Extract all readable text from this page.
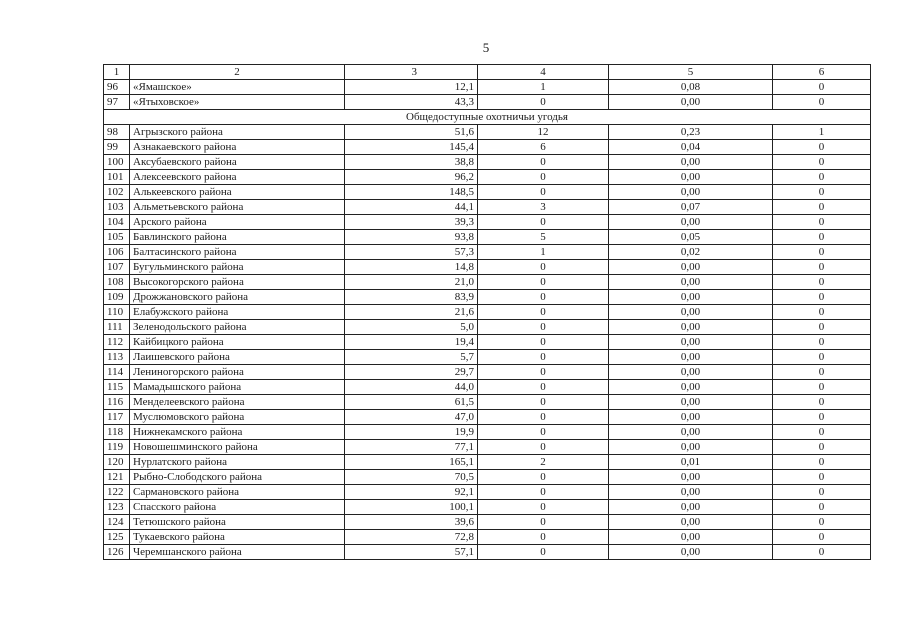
5
1	2	3	4	5	6
96	«Ямашское»	12,1	1	0,08	0
97	«Ятыховское»	43,3	0	0,00	0
Общедоступные охотничьи угодья					
98	Агрызского района	51,6	12	0,23	1
99	Азнакаевского района	145,4	6	0,04	0
100	Аксубаевского района	38,8	0	0,00	0
101	Алексеевского района	96,2	0	0,00	0
102	Алькеевского района	148,5	0	0,00	0
103	Альметьевского района	44,1	3	0,07	0
104	Арского района	39,3	0	0,00	0
105	Бавлинского района	93,8	5	0,05	0
106	Балтасинского района	57,3	1	0,02	0
107	Бугульминского района	14,8	0	0,00	0
108	Высокогорского района	21,0	0	0,00	0
109	Дрожжановского района	83,9	0	0,00	0
110	Елабужского района	21,6	0	0,00	0
111	Зеленодольского района	5,0	0	0,00	0
112	Кайбицкого района	19,4	0	0,00	0
113	Лаишевского района	5,7	0	0,00	0
114	Лениногорского района	29,7	0	0,00	0
115	Мамадышского района	44,0	0	0,00	0
116	Менделеевского района	61,5	0	0,00	0
117	Муслюмовского района	47,0	0	0,00	0
118	Нижнекамского района	19,9	0	0,00	0
119	Новошешминского района	77,1	0	0,00	0
120	Нурлатского района	165,1	2	0,01	0
121	Рыбно-Слободского района	70,5	0	0,00	0
122	Сармановского района	92,1	0	0,00	0
123	Спасского района	100,1	0	0,00	0
124	Тетюшского района	39,6	0	0,00	0
125	Тукаевского района	72,8	0	0,00	0
126	Черемшанского района	57,1	0	0,00	0
